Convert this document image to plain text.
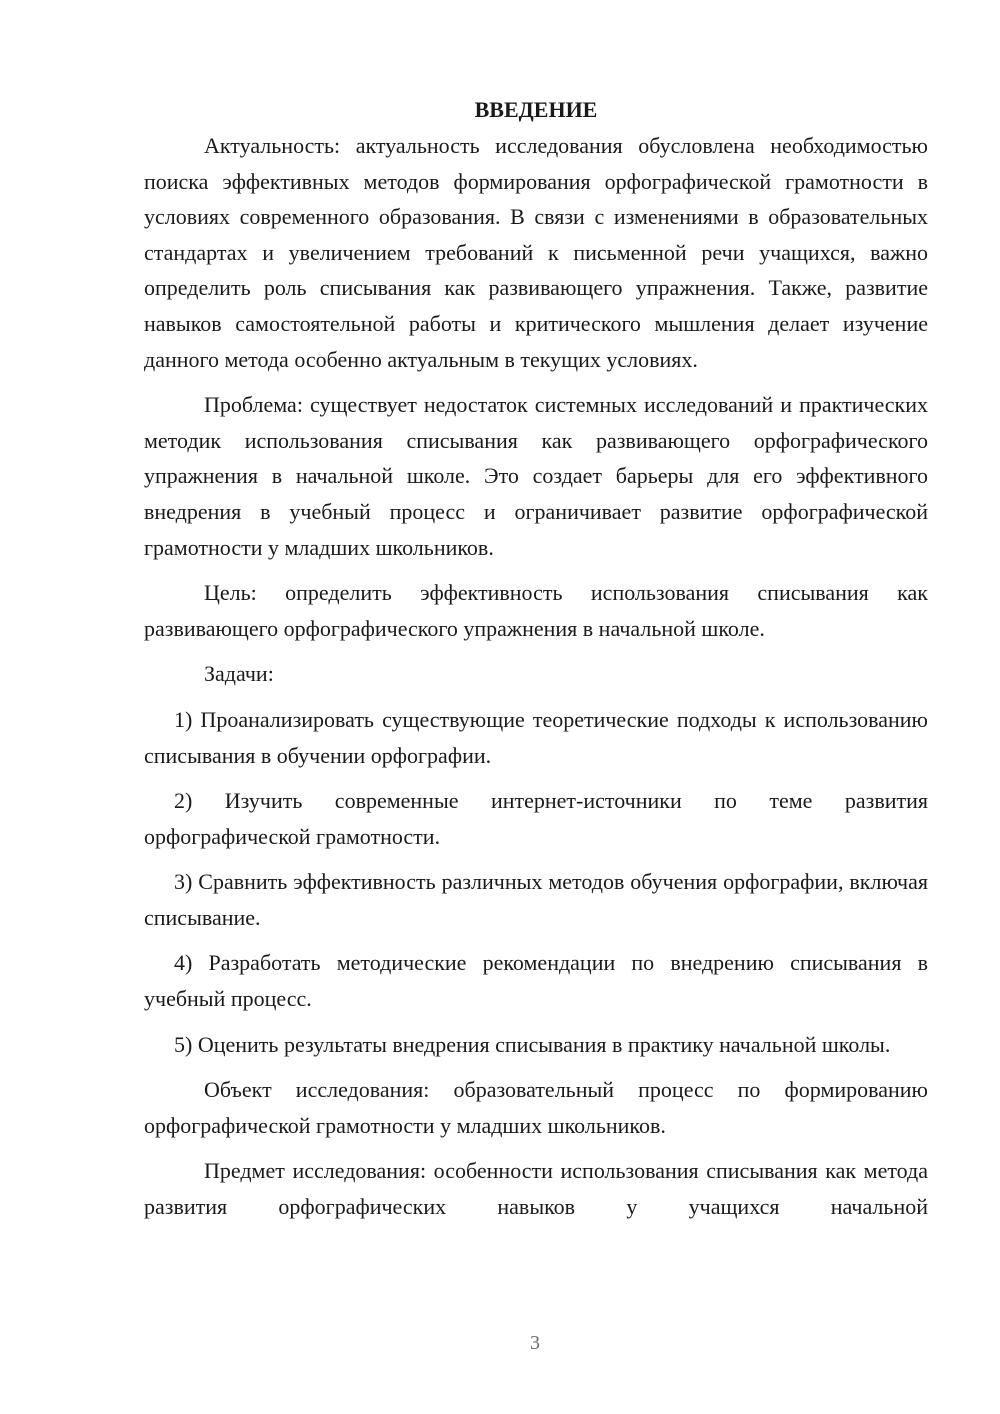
ВВЕДЕНИЕ

Актуальность: актуальность исследования обусловлена необходимостью поиска эффективных методов формирования орфографической грамотности в условиях современного образования. В связи с изменениями в образовательных стандартах и увеличением требований к письменной речи учащихся, важно определить роль списывания как развивающего упражнения. Также, развитие навыков самостоятельной работы и критического мышления делает изучение данного метода особенно актуальным в текущих условиях.

Проблема: существует недостаток системных исследований и практических методик использования списывания как развивающего орфографического упражнения в начальной школе. Это создает барьеры для его эффективного внедрения в учебный процесс и ограничивает развитие орфографической грамотности у младших школьников.

Цель: определить эффективность использования списывания как развивающего орфографического упражнения в начальной школе.

Задачи:

1) Проанализировать существующие теоретические подходы к использованию списывания в обучении орфографии.

2) Изучить современные интернет-источники по теме развития орфографической грамотности.

3) Сравнить эффективность различных методов обучения орфографии, включая списывание.

4) Разработать методические рекомендации по внедрению списывания в учебный процесс.

5) Оценить результаты внедрения списывания в практику начальной школы.

Объект исследования: образовательный процесс по формированию орфографической грамотности у младших школьников.

Предмет исследования: особенности использования списывания как метода развития орфографических навыков у учащихся начальной

3
